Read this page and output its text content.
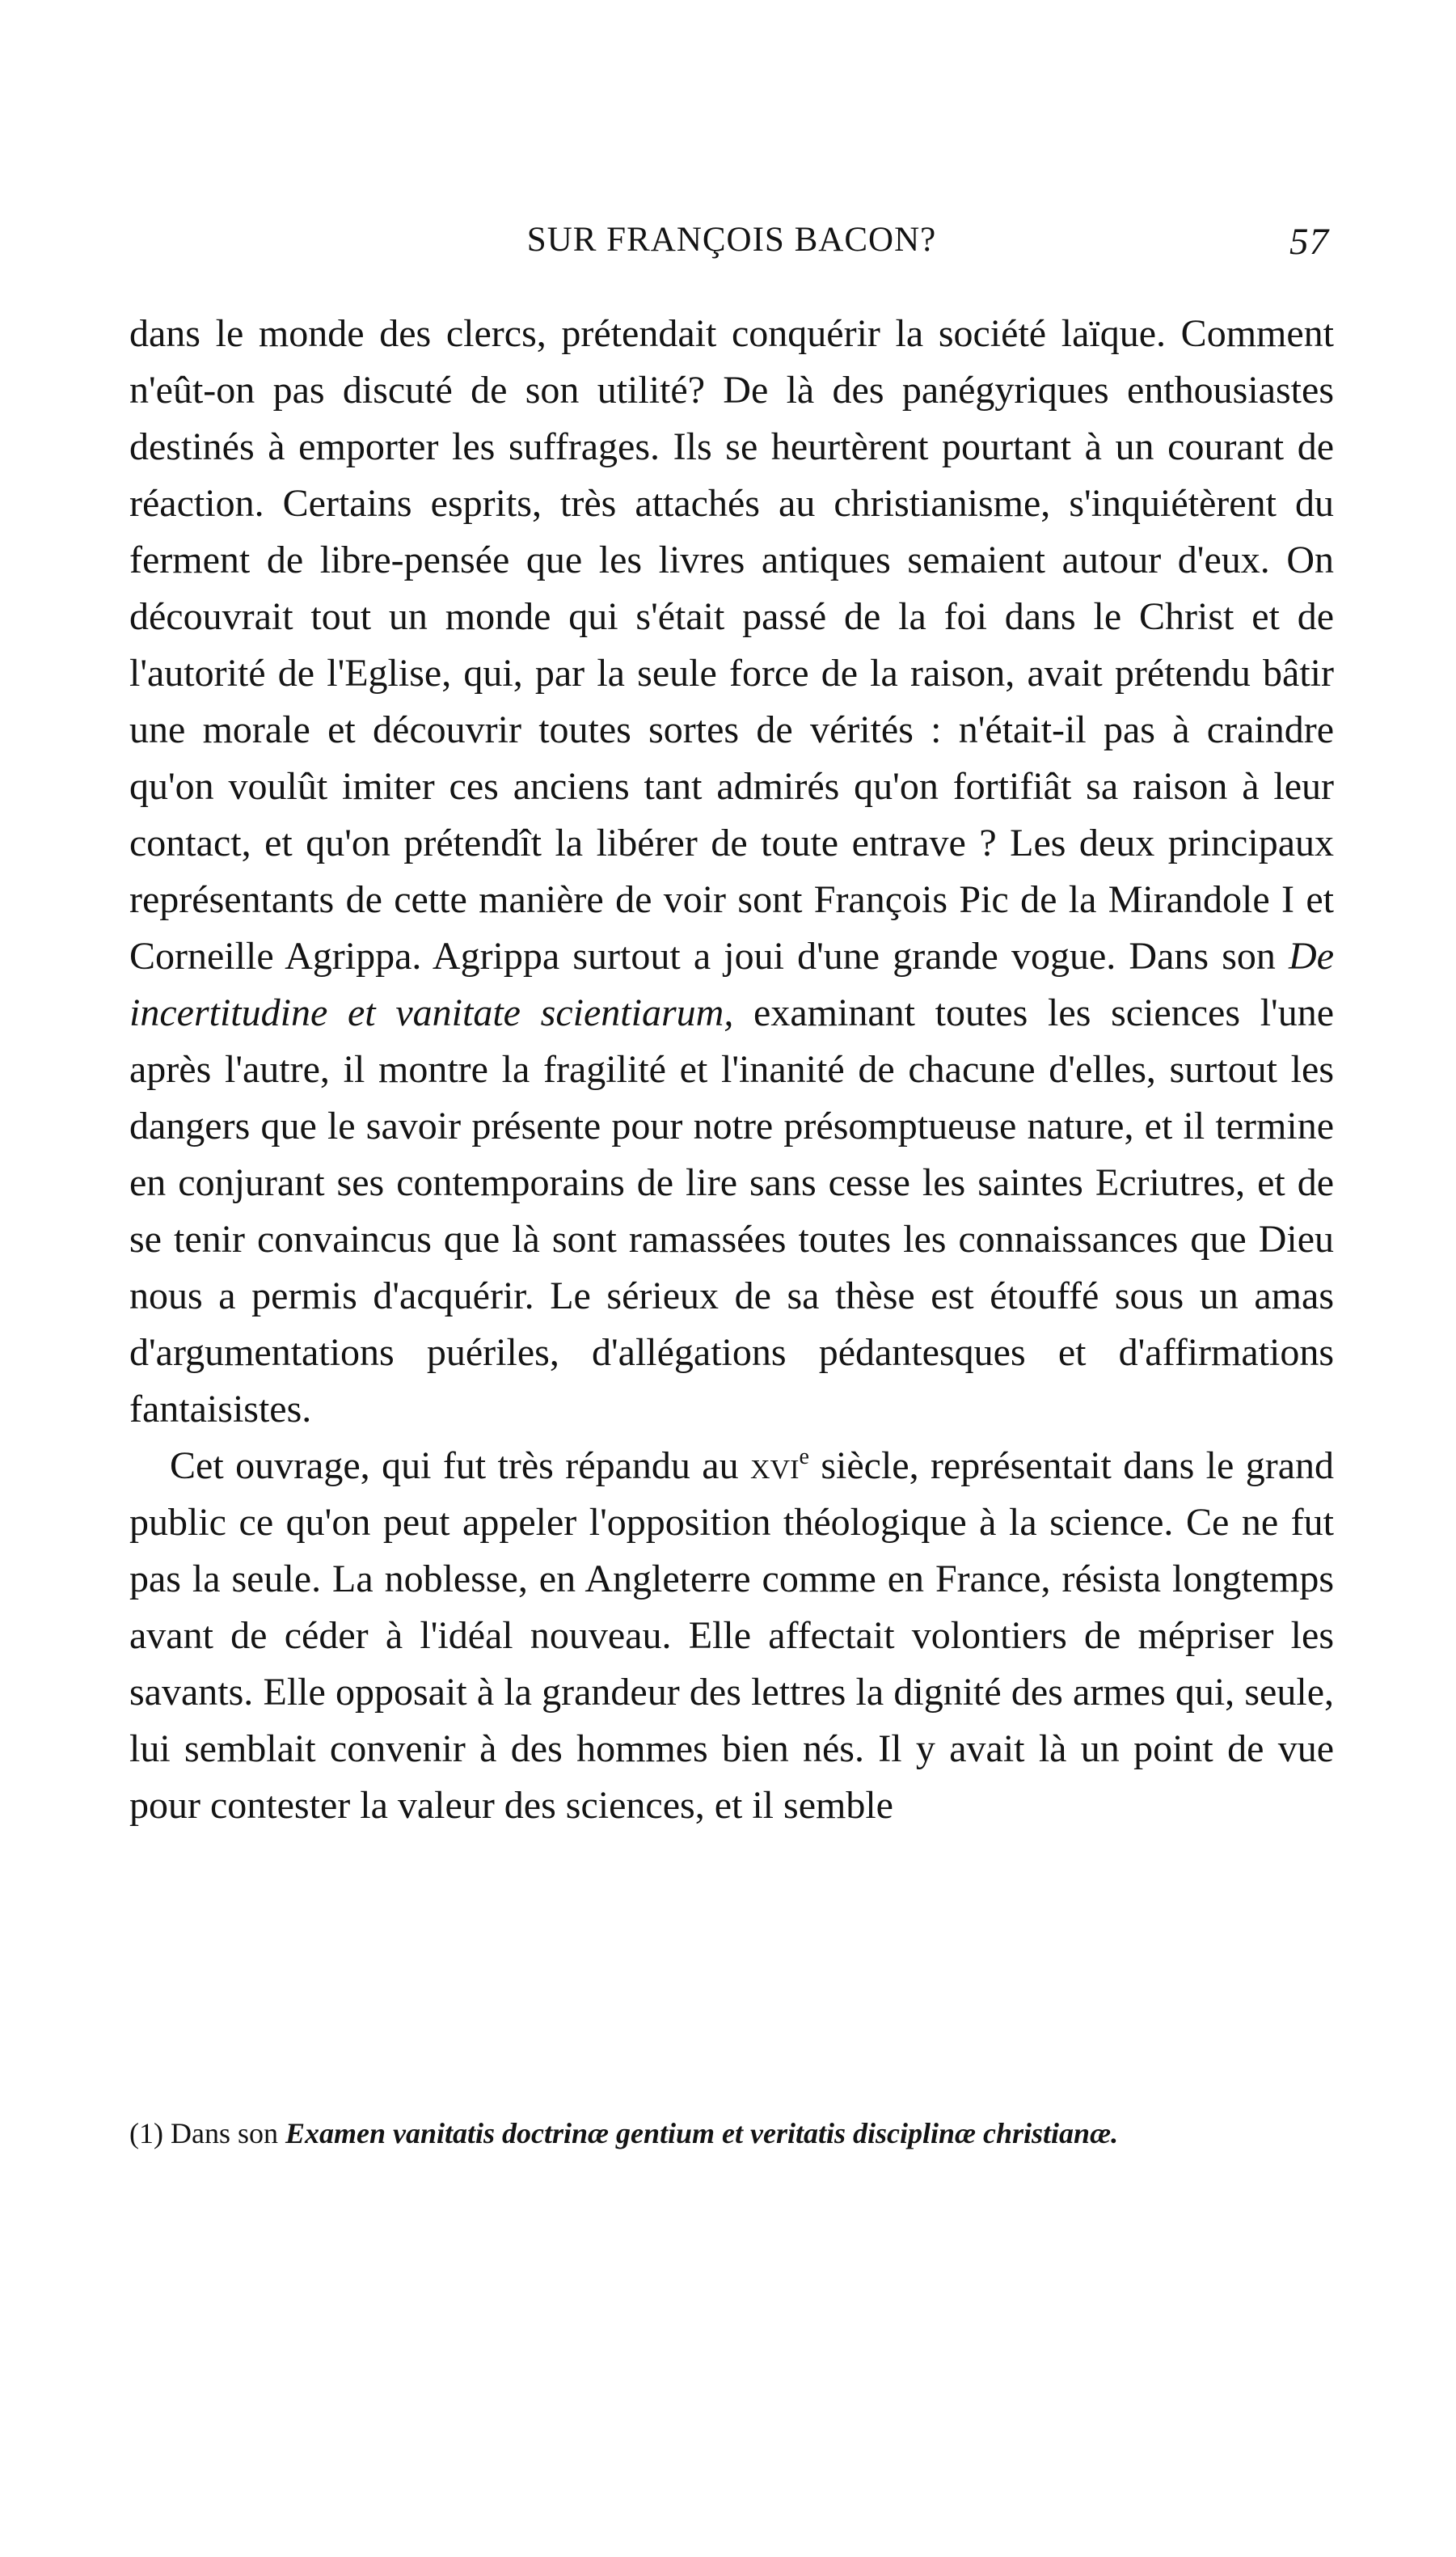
SUR FRANÇOIS BACON?	57

dans le monde des clercs, prétendait conquérir la société laïque. Comment n'eût-on pas discuté de son utilité? De là des panégyriques enthousiastes destinés à emporter les suffrages. Ils se heurtèrent pourtant à un courant de réaction. Certains esprits, très attachés au christianisme, s'inquiétèrent du ferment de libre-pensée que les livres antiques semaient autour d'eux. On découvrait tout un monde qui s'était passé de la foi dans le Christ et de l'autorité de l'Eglise, qui, par la seule force de la raison, avait prétendu bâtir une morale et découvrir toutes sortes de vérités : n'était-il pas à craindre qu'on voulût imiter ces anciens tant admirés qu'on fortifiât sa raison à leur contact, et qu'on prétendît la libérer de toute entrave ? Les deux principaux représentants de cette manière de voir sont François Pic de la Mirandole I et Corneille Agrippa. Agrippa surtout a joui d'une grande vogue. Dans son De incertitudine et vanitate scientiarum, examinant toutes les sciences l'une après l'autre, il montre la fragilité et l'inanité de chacune d'elles, surtout les dangers que le savoir présente pour notre présomptueuse nature, et il termine en conjurant ses contemporains de lire sans cesse les saintes Ecriutres, et de se tenir convaincus que là sont ramassées toutes les connaissances que Dieu nous a permis d'acquérir. Le sérieux de sa thèse est étouffé sous un amas d'argumentations puériles, d'allégations pédantesques et d'affirmations fantaisistes.

Cet ouvrage, qui fut très répandu au xvi$^e$ siècle, représentait dans le grand public ce qu'on peut appeler l'opposition théologique à la science. Ce ne fut pas la seule. La noblesse, en Angleterre comme en France, résista longtemps avant de céder à l'idéal nouveau. Elle affectait volontiers de mépriser les savants. Elle opposait à la grandeur des lettres la dignité des armes qui, seule, lui semblait convenir à des hommes bien nés. Il y avait là un point de vue pour contester la valeur des sciences, et il semble

(1) Dans son Examen vanitatis doctrinæ gentium et veritatis disciplinæ christianæ.
